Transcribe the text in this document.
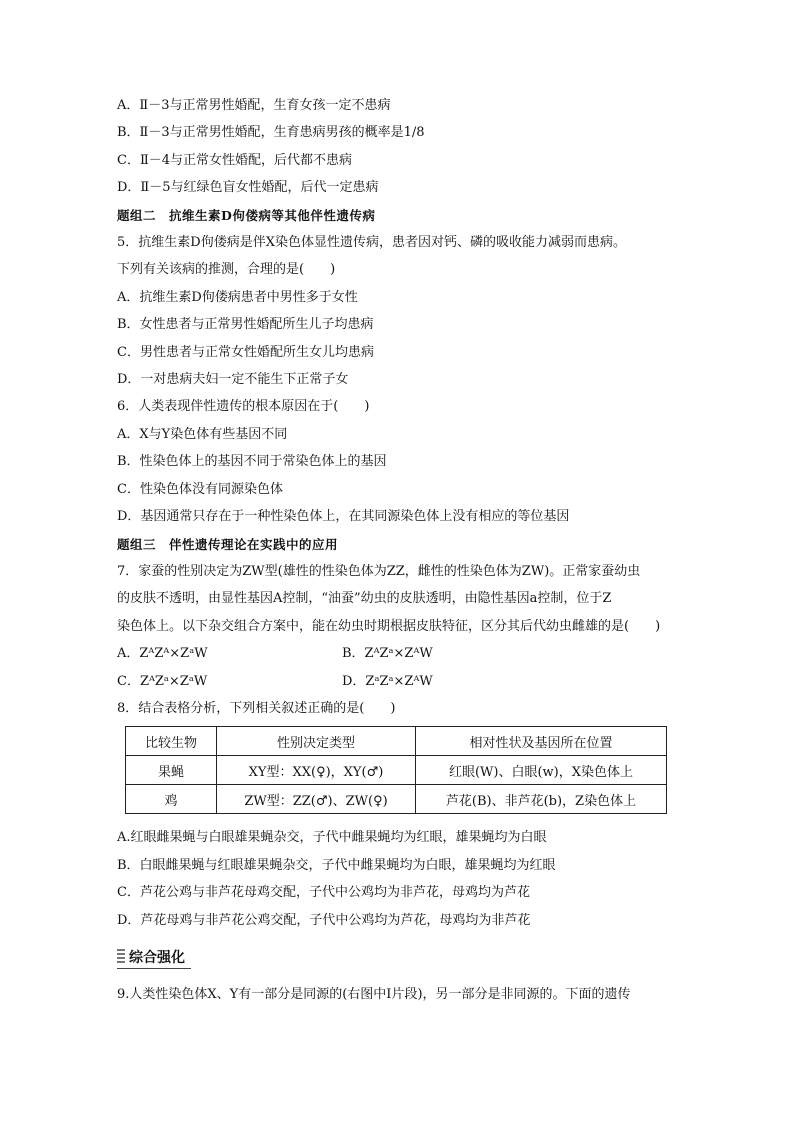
A．Ⅱ－3与正常男性婚配，生育女孩一定不患病
B．Ⅱ－3与正常男性婚配，生育患病男孩的概率是1/8
C．Ⅱ－4与正常女性婚配，后代都不患病
D．Ⅱ－5与红绿色盲女性婚配，后代一定患病
题组二　抗维生素D佝偻病等其他伴性遗传病
5．抗维生素D佝偻病是伴X染色体显性遗传病，患者因对钙、磷的吸收能力减弱而患病。
下列有关该病的推测，合理的是(　　)
A．抗维生素D佝偻病患者中男性多于女性
B．女性患者与正常男性婚配所生儿子均患病
C．男性患者与正常女性婚配所生女儿均患病
D．一对患病夫妇一定不能生下正常子女
6．人类表现伴性遗传的根本原因在于(　　)
A．X与Y染色体有些基因不同
B．性染色体上的基因不同于常染色体上的基因
C．性染色体没有同源染色体
D．基因通常只存在于一种性染色体上，在其同源染色体上没有相应的等位基因
题组三　伴性遗传理论在实践中的应用
7．家蚕的性别决定为ZW型(雄性的性染色体为ZZ，雌性的性染色体为ZW)。正常家蚕幼虫
的皮肤不透明，由显性基因A控制，“油蚕”幼虫的皮肤透明，由隐性基因a控制，位于Z
染色体上。以下杂交组合方案中，能在幼虫时期根据皮肤特征，区分其后代幼虫雌雄的是(　　)
A．ZᴬZᴬ×ZᵃW	B．ZᴬZᵃ×ZᴬW
C．ZᴬZᵃ×ZᵃW	D．ZᵃZᵃ×ZᴬW
8．结合表格分析，下列相关叙述正确的是(　　)
比较生物	性别决定类型	相对性状及基因所在位置
果蝇	XY型：XX(♀)，XY(♂)	红眼(W)、白眼(w)，X染色体上
鸡	ZW型：ZZ(♂)、ZW(♀)	芦花(B)、非芦花(b)，Z染色体上
A.红眼雌果蝇与白眼雄果蝇杂交，子代中雌果蝇均为红眼，雄果蝇均为白眼
B．白眼雌果蝇与红眼雄果蝇杂交，子代中雌果蝇均为白眼，雄果蝇均为红眼
C．芦花公鸡与非芦花母鸡交配，子代中公鸡均为非芦花，母鸡均为芦花
D．芦花母鸡与非芦花公鸡交配，子代中公鸡均为芦花，母鸡均为非芦花
综合强化
9.人类性染色体X、Y有一部分是同源的(右图中Ⅰ片段)，另一部分是非同源的。下面的遗传
